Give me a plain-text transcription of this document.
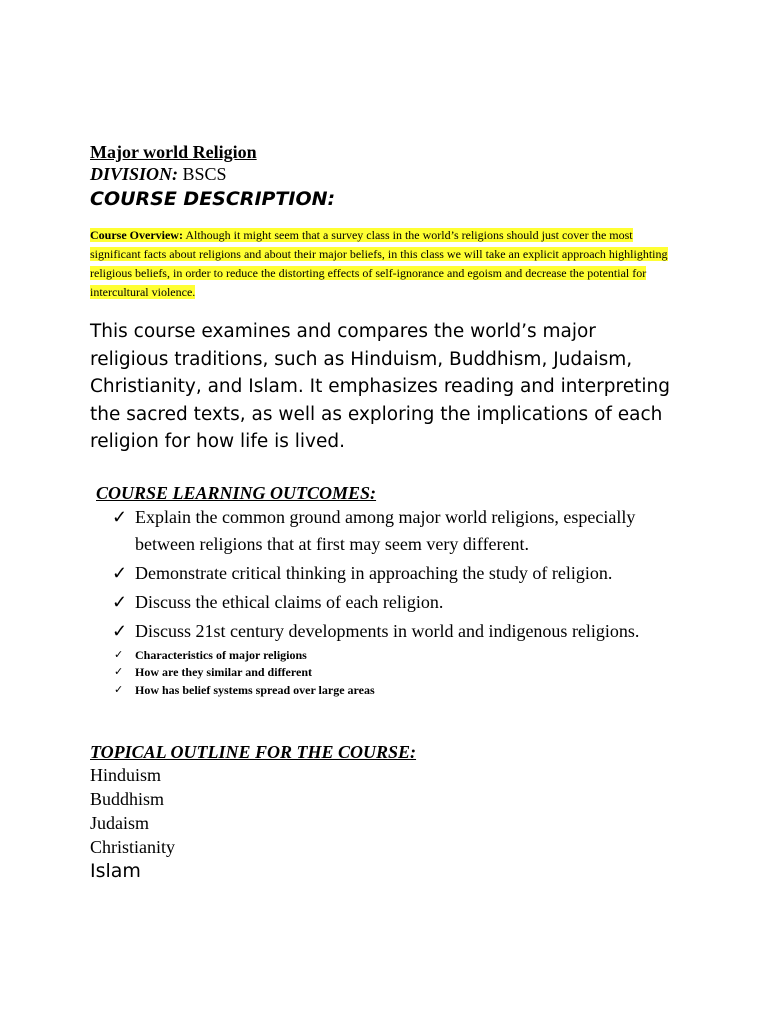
Major world Religion

DIVISION: BSCS

COURSE DESCRIPTION:

Course Overview: Although it might seem that a survey class in the world’s religions should just cover the most significant facts about religions and about their major beliefs, in this class we will take an explicit approach highlighting religious beliefs, in order to reduce the distorting effects of self-ignorance and egoism and decrease the potential for intercultural violence.

This course examines and compares the world’s major religious traditions, such as Hinduism, Buddhism, Judaism, Christianity, and Islam. It emphasizes reading and interpreting the sacred texts, as well as exploring the implications of each religion for how life is lived.

COURSE LEARNING OUTCOMES:

✓ Explain the common ground among major world religions, especially between religions that at first may seem very different.
✓ Demonstrate critical thinking in approaching the study of religion.
✓ Discuss the ethical claims of each religion.
✓ Discuss 21st century developments in world and indigenous religions.
✓ Characteristics of major religions
✓ How are they similar and different
✓ How has belief systems spread over large areas

TOPICAL OUTLINE FOR THE COURSE:

Hinduism
Buddhism
Judaism
Christianity
Islam
